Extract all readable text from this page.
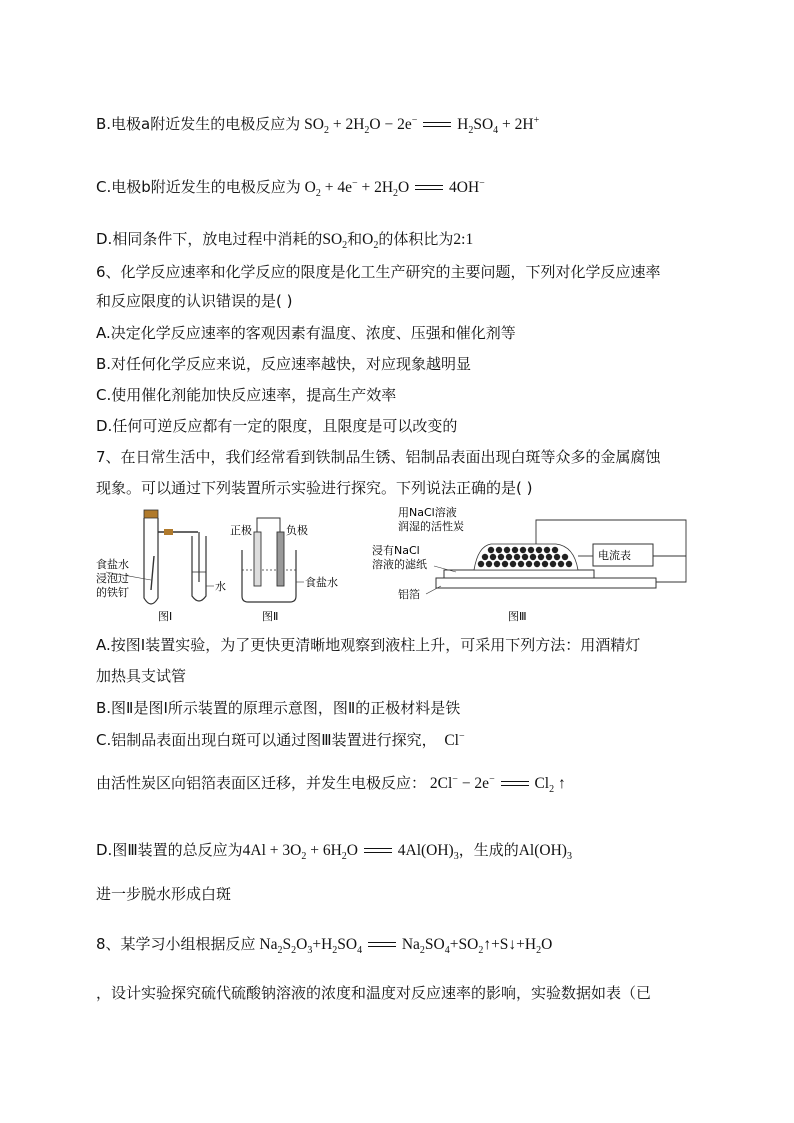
B.电极a附近发生的电极反应为 $SO_2 + 2H_2O - 2e^-$  $H_2SO_4 + 2H^+$
C.电极b附近发生的电极反应为 $O_2 + 4e^- + 2H_2O$  4OH−
D.相同条件下，放电过程中消耗的$SO_2$和$O_2$的体积比为2:1
6、化学反应速率和化学反应的限度是化工生产研究的主要问题，下列对化学反应速率
和反应限度的认识错误的是( )
A.决定化学反应速率的客观因素有温度、浓度、压强和催化剂等
B.对任何化学反应来说，反应速率越快，对应现象越明显
C.使用催化剂能加快反应速率，提高生产效率
D.任何可逆反应都有一定的限度，且限度是可以改变的
7、在日常生活中，我们经常看到铁制品生锈、铝制品表面出现白斑等众多的金属腐蚀
现象。可以通过下列装置所示实验进行探究。下列说法正确的是( )
食盐水
浸泡过
的铁钉	水
图Ⅰ
正极	负极
食盐水
图Ⅱ
用NaCl溶液
润湿的活性炭
浸有NaCl
溶液的滤纸
铝箔
电流表
图Ⅲ
A.按图Ⅰ装置实验，为了更快更清晰地观察到液柱上升，可采用下列方法：用酒精灯
加热具支试管
B.图Ⅱ是图Ⅰ所示装置的原理示意图，图Ⅱ的正极材料是铁
C.铝制品表面出现白斑可以通过图Ⅲ装置进行探究，  Cl−
由活性炭区向铝箔表面区迁移，并发生电极反应： 2Cl− − 2e−  $Cl_2$ ↑
D.图Ⅲ装置的总反应为$4Al + 3O_2 + 6H_2O$  $4Al(OH)_3$，生成的$Al(OH)_3$
进一步脱水形成白斑
8、某学习小组根据反应 $Na_2S_2O_3+H_2SO_4$  $Na_2SO_4+SO_2↑+S↓+H_2O$
，设计实验探究硫代硫酸钠溶液的浓度和温度对反应速率的影响，实验数据如表（已
